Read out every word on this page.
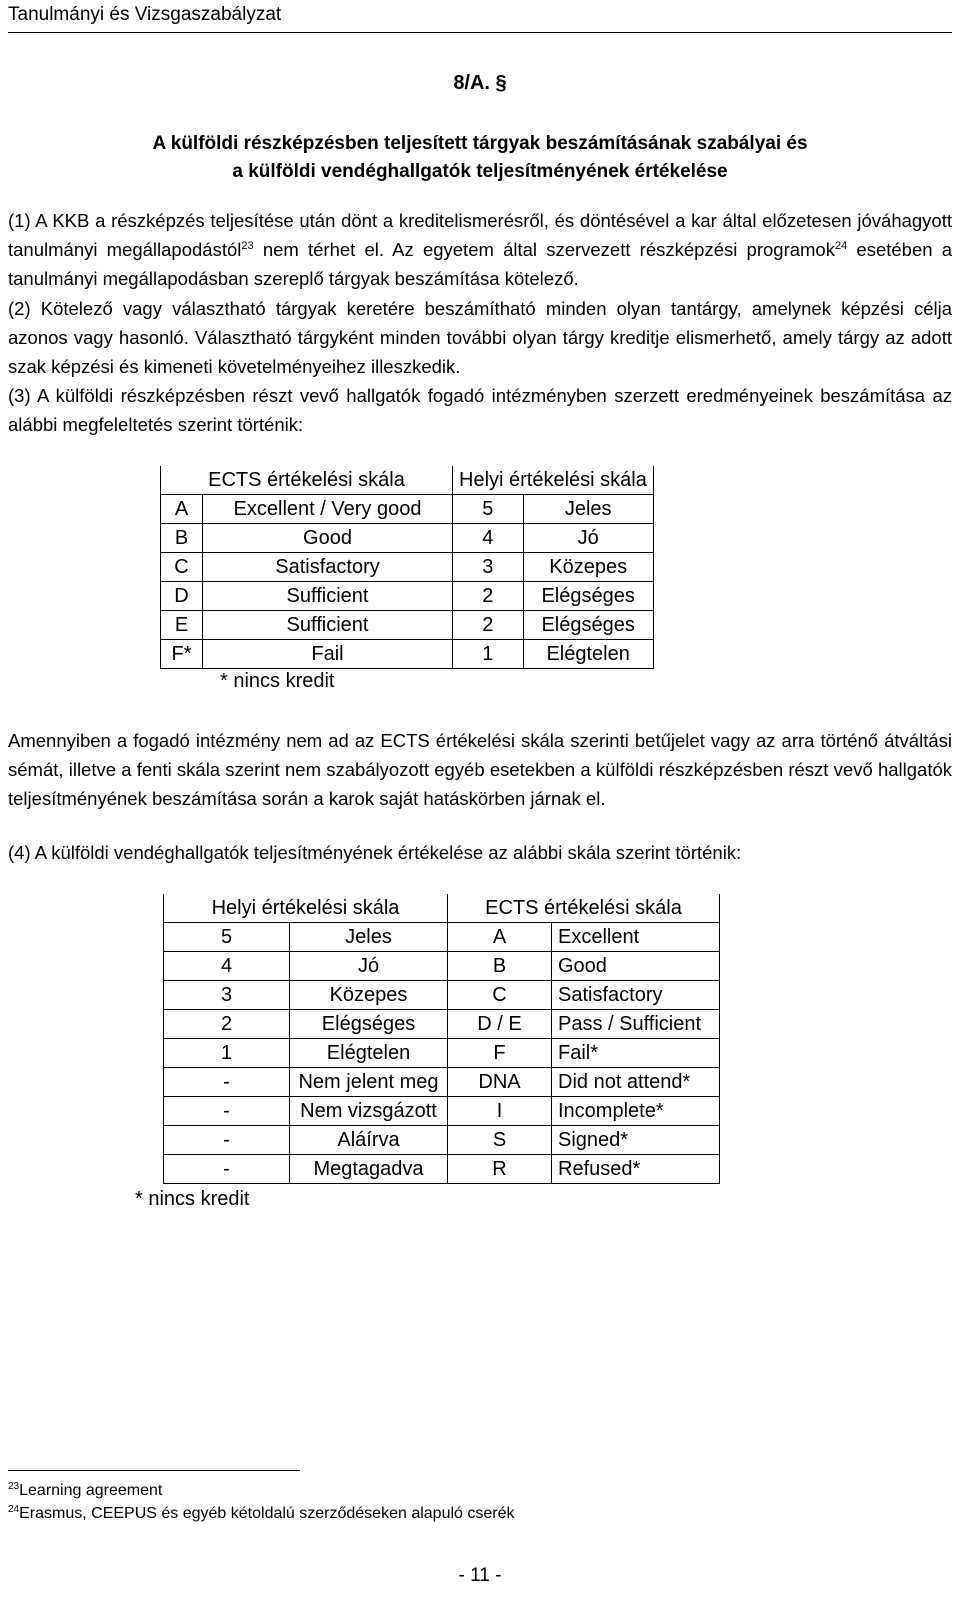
Tanulmányi és Vizsgaszabályzat
8/A. §
A külföldi részképzésben teljesített tárgyak beszámításának szabályai és
a külföldi vendéghallgatók teljesítményének értékelése

(1) A KKB a részképzés teljesítése után dönt a kreditelismerésről, és döntésével a kar által előzetesen jóváhagyott tanulmányi megállapodástól$^{23}$ nem térhet el. Az egyetem által szervezett részképzési programok$^{24}$ esetében a tanulmányi megállapodásban szereplő tárgyak beszámítása kötelező.

(2) Kötelező vagy választható tárgyak keretére beszámítható minden olyan tantárgy, amelynek képzési célja azonos vagy hasonló. Választható tárgyként minden további olyan tárgy kreditje elismerhető, amely tárgy az adott szak képzési és kimeneti követelményeihez illeszkedik.

(3) A külföldi részképzésben részt vevő hallgatók fogadó intézményben szerzett eredményeinek beszámítása az alábbi megfeleltetés szerint történik:

ECTS értékelési skála		Helyi értékelési skála	
A	Excellent / Very good	5	Jeles
B	Good	4	Jó
C	Satisfactory	3	Közepes
D	Sufficient	2	Elégséges
E	Sufficient	2	Elégséges
F*	Fail	1	Elégtelen
* nincs kredit

Amennyiben a fogadó intézmény nem ad az ECTS értékelési skála szerinti betűjelet vagy az arra történő átváltási sémát, illetve a fenti skála szerint nem szabályozott egyéb esetekben a külföldi részképzésben részt vevő hallgatók teljesítményének beszámítása során a karok saját hatáskörben járnak el.

(4) A külföldi vendéghallgatók teljesítményének értékelése az alábbi skála szerint történik:

Helyi értékelési skála		ECTS értékelési skála	
5	Jeles	A	Excellent
4	Jó	B	Good
3	Közepes	C	Satisfactory
2	Elégséges	D / E	Pass / Sufficient
1	Elégtelen	F	Fail*
-	Nem jelent meg	DNA	Did not attend*
-	Nem vizsgázott	I	Incomplete*
-	Aláírva	S	Signed*
-	Megtagadva	R	Refused*
* nincs kredit
$^{23}$Learning agreement
$^{24}$Erasmus, CEEPUS és egyéb kétoldalú szerződéseken alapuló cserék
- 11 -
